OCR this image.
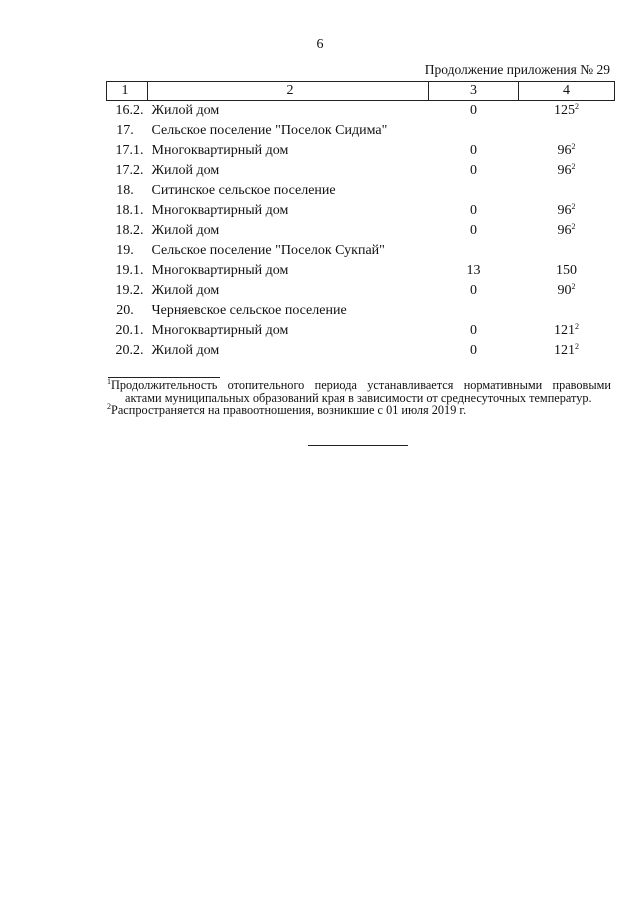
6
Продолжение приложения № 29
1	2	3	4
16.2.	Жилой дом	0	$125^2$
17.	Сельское поселение "Поселок Сидима"		
17.1.	Многоквартирный дом	0	$96^2$
17.2.	Жилой дом	0	$96^2$
18.	Ситинское сельское поселение		
18.1.	Многоквартирный дом	0	$96^2$
18.2.	Жилой дом	0	$96^2$
19.	Сельское поселение "Поселок Сукпай"		
19.1.	Многоквартирный дом	13	150
19.2.	Жилой дом	0	$90^2$
20.	Черняевское сельское поселение		
20.1.	Многоквартирный дом	0	$121^2$
20.2.	Жилой дом	0	$121^2$
$^1$Продолжительность отопительного периода устанавливается нормативными правовыми
актами муниципальных образований края в зависимости от среднесуточных температур.
$^2$Распространяется на правоотношения, возникшие с 01 июля 2019 г.
